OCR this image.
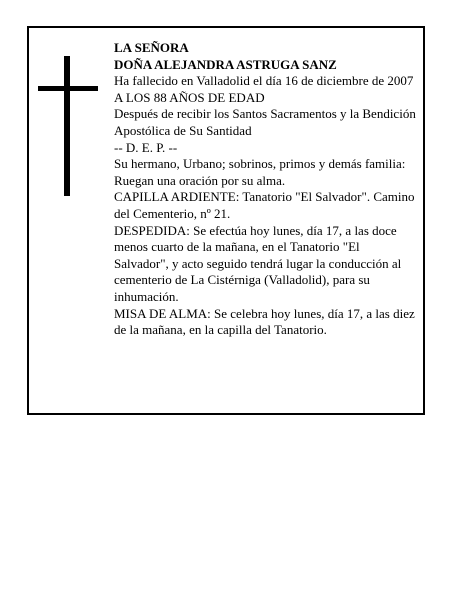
LA SEÑORA

DOÑA ALEJANDRA ASTRUGA SANZ

Ha fallecido en Valladolid el día 16 de diciembre de 2007

A LOS 88 AÑOS DE EDAD

Después de recibir los Santos Sacramentos y la Bendición Apostólica de Su Santidad

-- D. E. P. --

Su hermano, Urbano; sobrinos, primos y demás familia:

Ruegan una oración por su alma.

CAPILLA ARDIENTE: Tanatorio "El Salvador". Camino del Cementerio, nº 21.

DESPEDIDA: Se efectúa hoy lunes, día 17, a las doce menos cuarto de la mañana, en el Tanatorio "El Salvador", y acto seguido tendrá lugar la conducción al cementerio de La Cistérniga (Valladolid), para su inhumación.

MISA DE ALMA: Se celebra hoy lunes, día 17, a las diez de la mañana, en la capilla del Tanatorio.
